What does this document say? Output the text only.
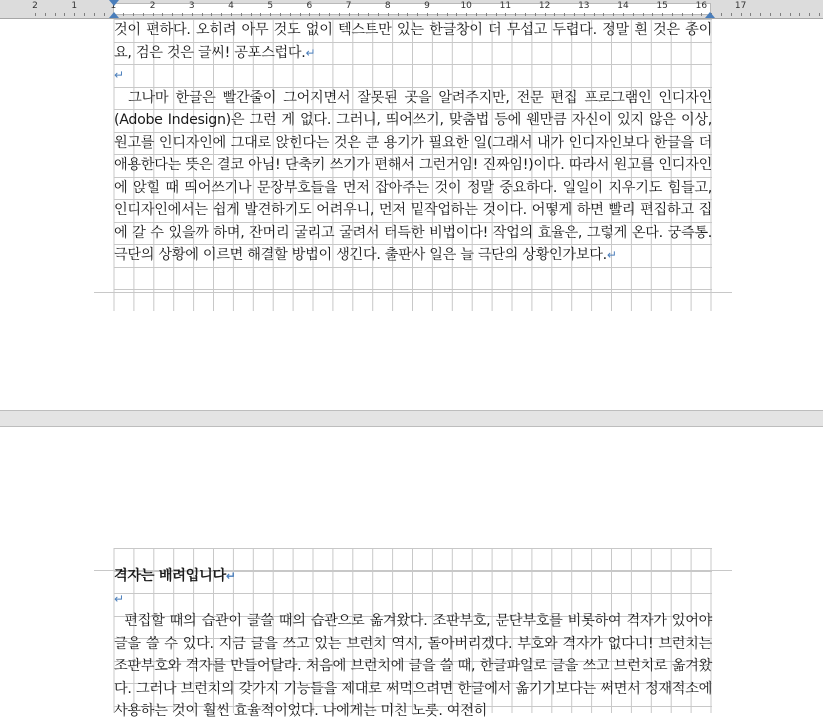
2	1	1	2	3	4	5	6	7	8	9	10	11	12	13	14	15	16	17

것이 편하다. 오히려 아무 것도 없이 텍스트만 있는 한글창이 더 무섭고 두렵다. 정말 흰 것은 종이요, 검은 것은 글씨! 공포스럽다.↵

↵

그나마 한글은 빨간줄이 그어지면서 잘못된 곳을 알려주지만, 전문 편집 프로그램인 인디자인(Adobe Indesign)은 그런 게 없다. 그러니, 띄어쓰기, 맞춤법 등에 웬만큼 자신이 있지 않은 이상, 원고를 인디자인에 그대로 앉힌다는 것은 큰 용기가 필요한 일(그래서 내가 인디자인보다 한글을 더 애용한다는 뜻은 결코 아님! 단축키 쓰기가 편해서 그런거임! 진짜임!)이다. 따라서 원고를 인디자인에 앉힐 때 띄어쓰기나 문장부호들을 먼저 잡아주는 것이 정말 중요하다. 일일이 지우기도 힘들고, 인디자인에서는 쉽게 발견하기도 어려우니, 먼저 밑작업하는 것이다. 어떻게 하면 빨리 편집하고 집에 갈 수 있을까 하며, 잔머리 굴리고 굴려서 터득한 비법이다! 작업의 효율은, 그렇게 온다. 궁즉통. 극단의 상황에 이르면 해결할 방법이 생긴다. 출판사 일은 늘 극단의 상황인가보다.↵

격자는 배려입니다↵

↵

편집할 때의 습관이 글쓸 때의 습관으로 옮겨왔다. 조판부호, 문단부호를 비롯하여 격자가 있어야 글을 쓸 수 있다. 지금 글을 쓰고 있는 브런치 역시, 돌아버리겠다. 부호와 격자가 없다니! 브런치는 조판부호와 격자를 만들어달라. 처음에 브런치에 글을 쓸 때, 한글파일로 글을 쓰고 브런치로 옮겨왔다. 그러나 브런치의 갖가지 기능들을 제대로 써먹으려면 한글에서 옮기기보다는 써면서 정재적소에 사용하는 것이 훨씬 효율적이었다. 나에게는 미친 노릇. 여전히
